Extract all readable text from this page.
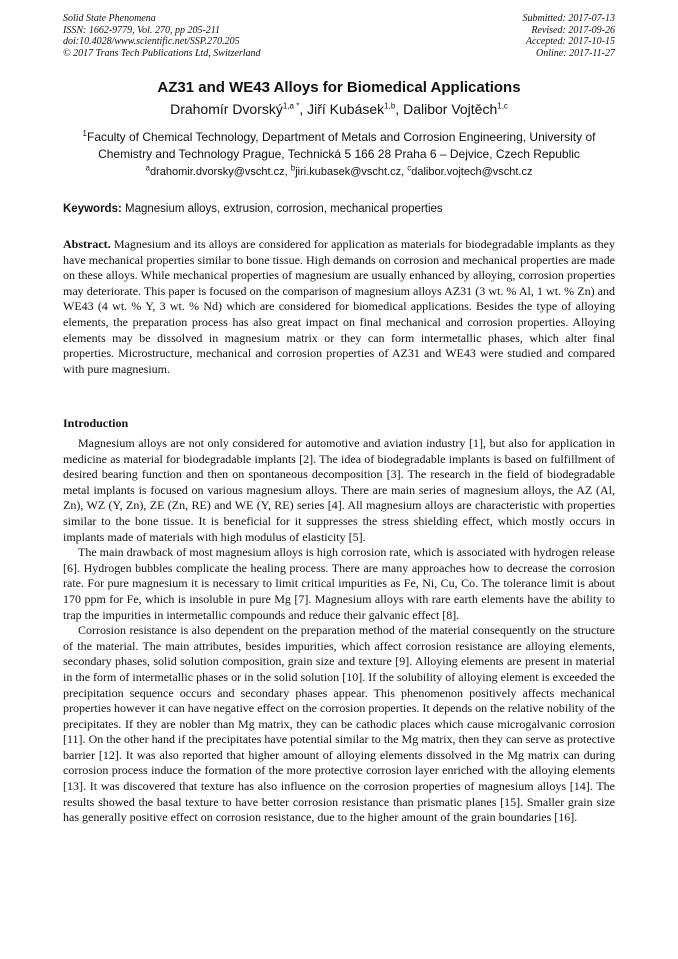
Solid State Phenomena
ISSN: 1662-9779, Vol. 270, pp 205-211
doi:10.4028/www.scientific.net/SSP.270.205
© 2017 Trans Tech Publications Ltd, Switzerland
Submitted: 2017-07-13
Revised: 2017-09-26
Accepted: 2017-10-15
Online: 2017-11-27
AZ31 and WE43 Alloys for Biomedical Applications
Drahomír Dvorský$^{1,a *}$, Jiří Kubásek$^{1,b}$, Dalibor Vojtěch$^{1,c}$
$^1$Faculty of Chemical Technology, Department of Metals and Corrosion Engineering, University of Chemistry and Technology Prague, Technická 5 166 28 Praha 6 – Dejvice, Czech Republic
$^a$drahomir.dvorsky@vscht.cz, $^b$jiri.kubasek@vscht.cz, $^c$dalibor.vojtech@vscht.cz
Keywords: Magnesium alloys, extrusion, corrosion, mechanical properties

Abstract. Magnesium and its alloys are considered for application as materials for biodegradable implants as they have mechanical properties similar to bone tissue. High demands on corrosion and mechanical properties are made on these alloys. While mechanical properties of magnesium are usually enhanced by alloying, corrosion properties may deteriorate. This paper is focused on the comparison of magnesium alloys AZ31 (3 wt. % Al, 1 wt. % Zn) and WE43 (4 wt. % Y, 3 wt. % Nd) which are considered for biomedical applications. Besides the type of alloying elements, the preparation process has also great impact on final mechanical and corrosion properties. Alloying elements may be dissolved in magnesium matrix or they can form intermetallic phases, which alter final properties. Microstructure, mechanical and corrosion properties of AZ31 and WE43 were studied and compared with pure magnesium.

Introduction

Magnesium alloys are not only considered for automotive and aviation industry [1], but also for application in medicine as material for biodegradable implants [2]. The idea of biodegradable implants is based on fulfillment of desired bearing function and then on spontaneous decomposition [3]. The research in the field of biodegradable metal implants is focused on various magnesium alloys. There are main series of magnesium alloys, the AZ (Al, Zn), WZ (Y, Zn), ZE (Zn, RE) and WE (Y, RE) series [4]. All magnesium alloys are characteristic with properties similar to the bone tissue. It is beneficial for it suppresses the stress shielding effect, which mostly occurs in implants made of materials with high modulus of elasticity [5].

The main drawback of most magnesium alloys is high corrosion rate, which is associated with hydrogen release [6]. Hydrogen bubbles complicate the healing process. There are many approaches how to decrease the corrosion rate. For pure magnesium it is necessary to limit critical impurities as Fe, Ni, Cu, Co. The tolerance limit is about 170 ppm for Fe, which is insoluble in pure Mg [7]. Magnesium alloys with rare earth elements have the ability to trap the impurities in intermetallic compounds and reduce their galvanic effect [8].

Corrosion resistance is also dependent on the preparation method of the material consequently on the structure of the material. The main attributes, besides impurities, which affect corrosion resistance are alloying elements, secondary phases, solid solution composition, grain size and texture [9]. Alloying elements are present in material in the form of intermetallic phases or in the solid solution [10]. If the solubility of alloying element is exceeded the precipitation sequence occurs and secondary phases appear. This phenomenon positively affects mechanical properties however it can have negative effect on the corrosion properties. It depends on the relative nobility of the precipitates. If they are nobler than Mg matrix, they can be cathodic places which cause microgalvanic corrosion [11]. On the other hand if the precipitates have potential similar to the Mg matrix, then they can serve as protective barrier [12]. It was also reported that higher amount of alloying elements dissolved in the Mg matrix can during corrosion process induce the formation of the more protective corrosion layer enriched with the alloying elements [13]. It was discovered that texture has also influence on the corrosion properties of magnesium alloys [14]. The results showed the basal texture to have better corrosion resistance than prismatic planes [15]. Smaller grain size has generally positive effect on corrosion resistance, due to the higher amount of the grain boundaries [16].
